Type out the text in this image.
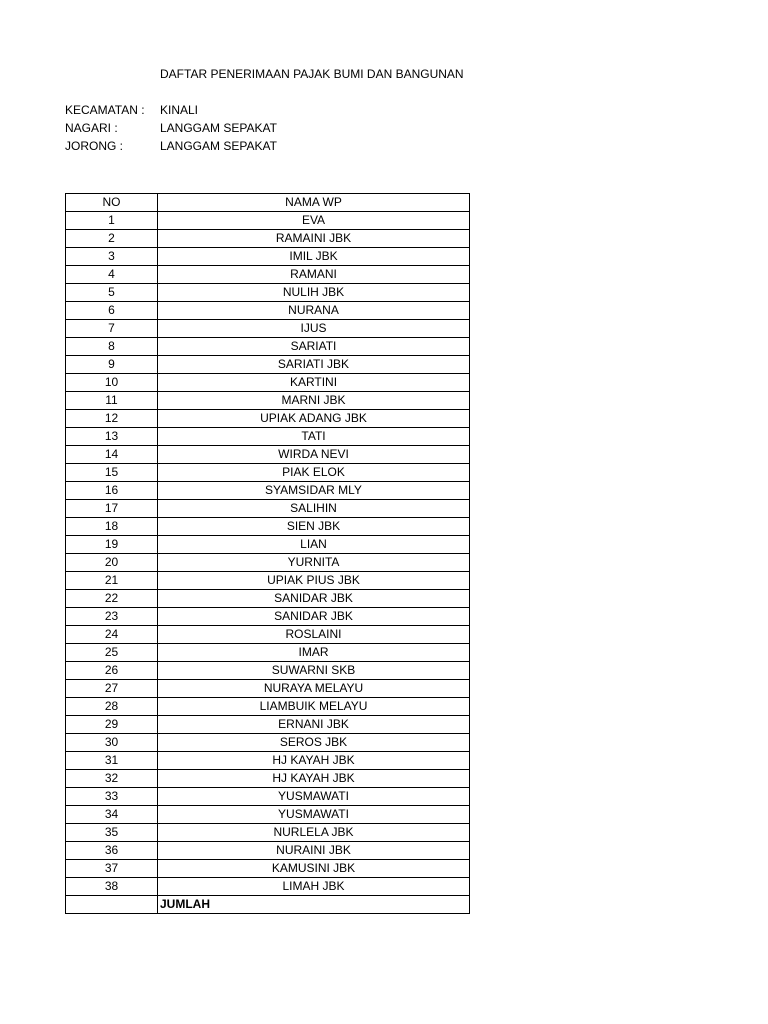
DAFTAR PENERIMAAN PAJAK BUMI DAN BANGUNAN
KECAMATAN : KINALI
NAGARI :	LANGGAM SEPAKAT
JORONG :	LANGGAM SEPAKAT
NO	NAMA WP
1	EVA
2	RAMAINI JBK
3	IMIL JBK
4	RAMANI
5	NULIH JBK
6	NURANA
7	IJUS
8	SARIATI
9	SARIATI JBK
10	KARTINI
11	MARNI JBK
12	UPIAK ADANG JBK
13	TATI
14	WIRDA NEVI
15	PIAK ELOK
16	SYAMSIDAR MLY
17	SALIHIN
18	SIEN JBK
19	LIAN
20	YURNITA
21	UPIAK PIUS JBK
22	SANIDAR JBK
23	SANIDAR JBK
24	ROSLAINI
25	IMAR
26	SUWARNI SKB
27	NURAYA MELAYU
28	LIAMBUIK MELAYU
29	ERNANI JBK
30	SEROS JBK
31	HJ KAYAH JBK
32	HJ KAYAH JBK
33	YUSMAWATI
34	YUSMAWATI
35	NURLELA JBK
36	NURAINI JBK
37	KAMUSINI JBK
38	LIMAH JBK
	JUMLAH
